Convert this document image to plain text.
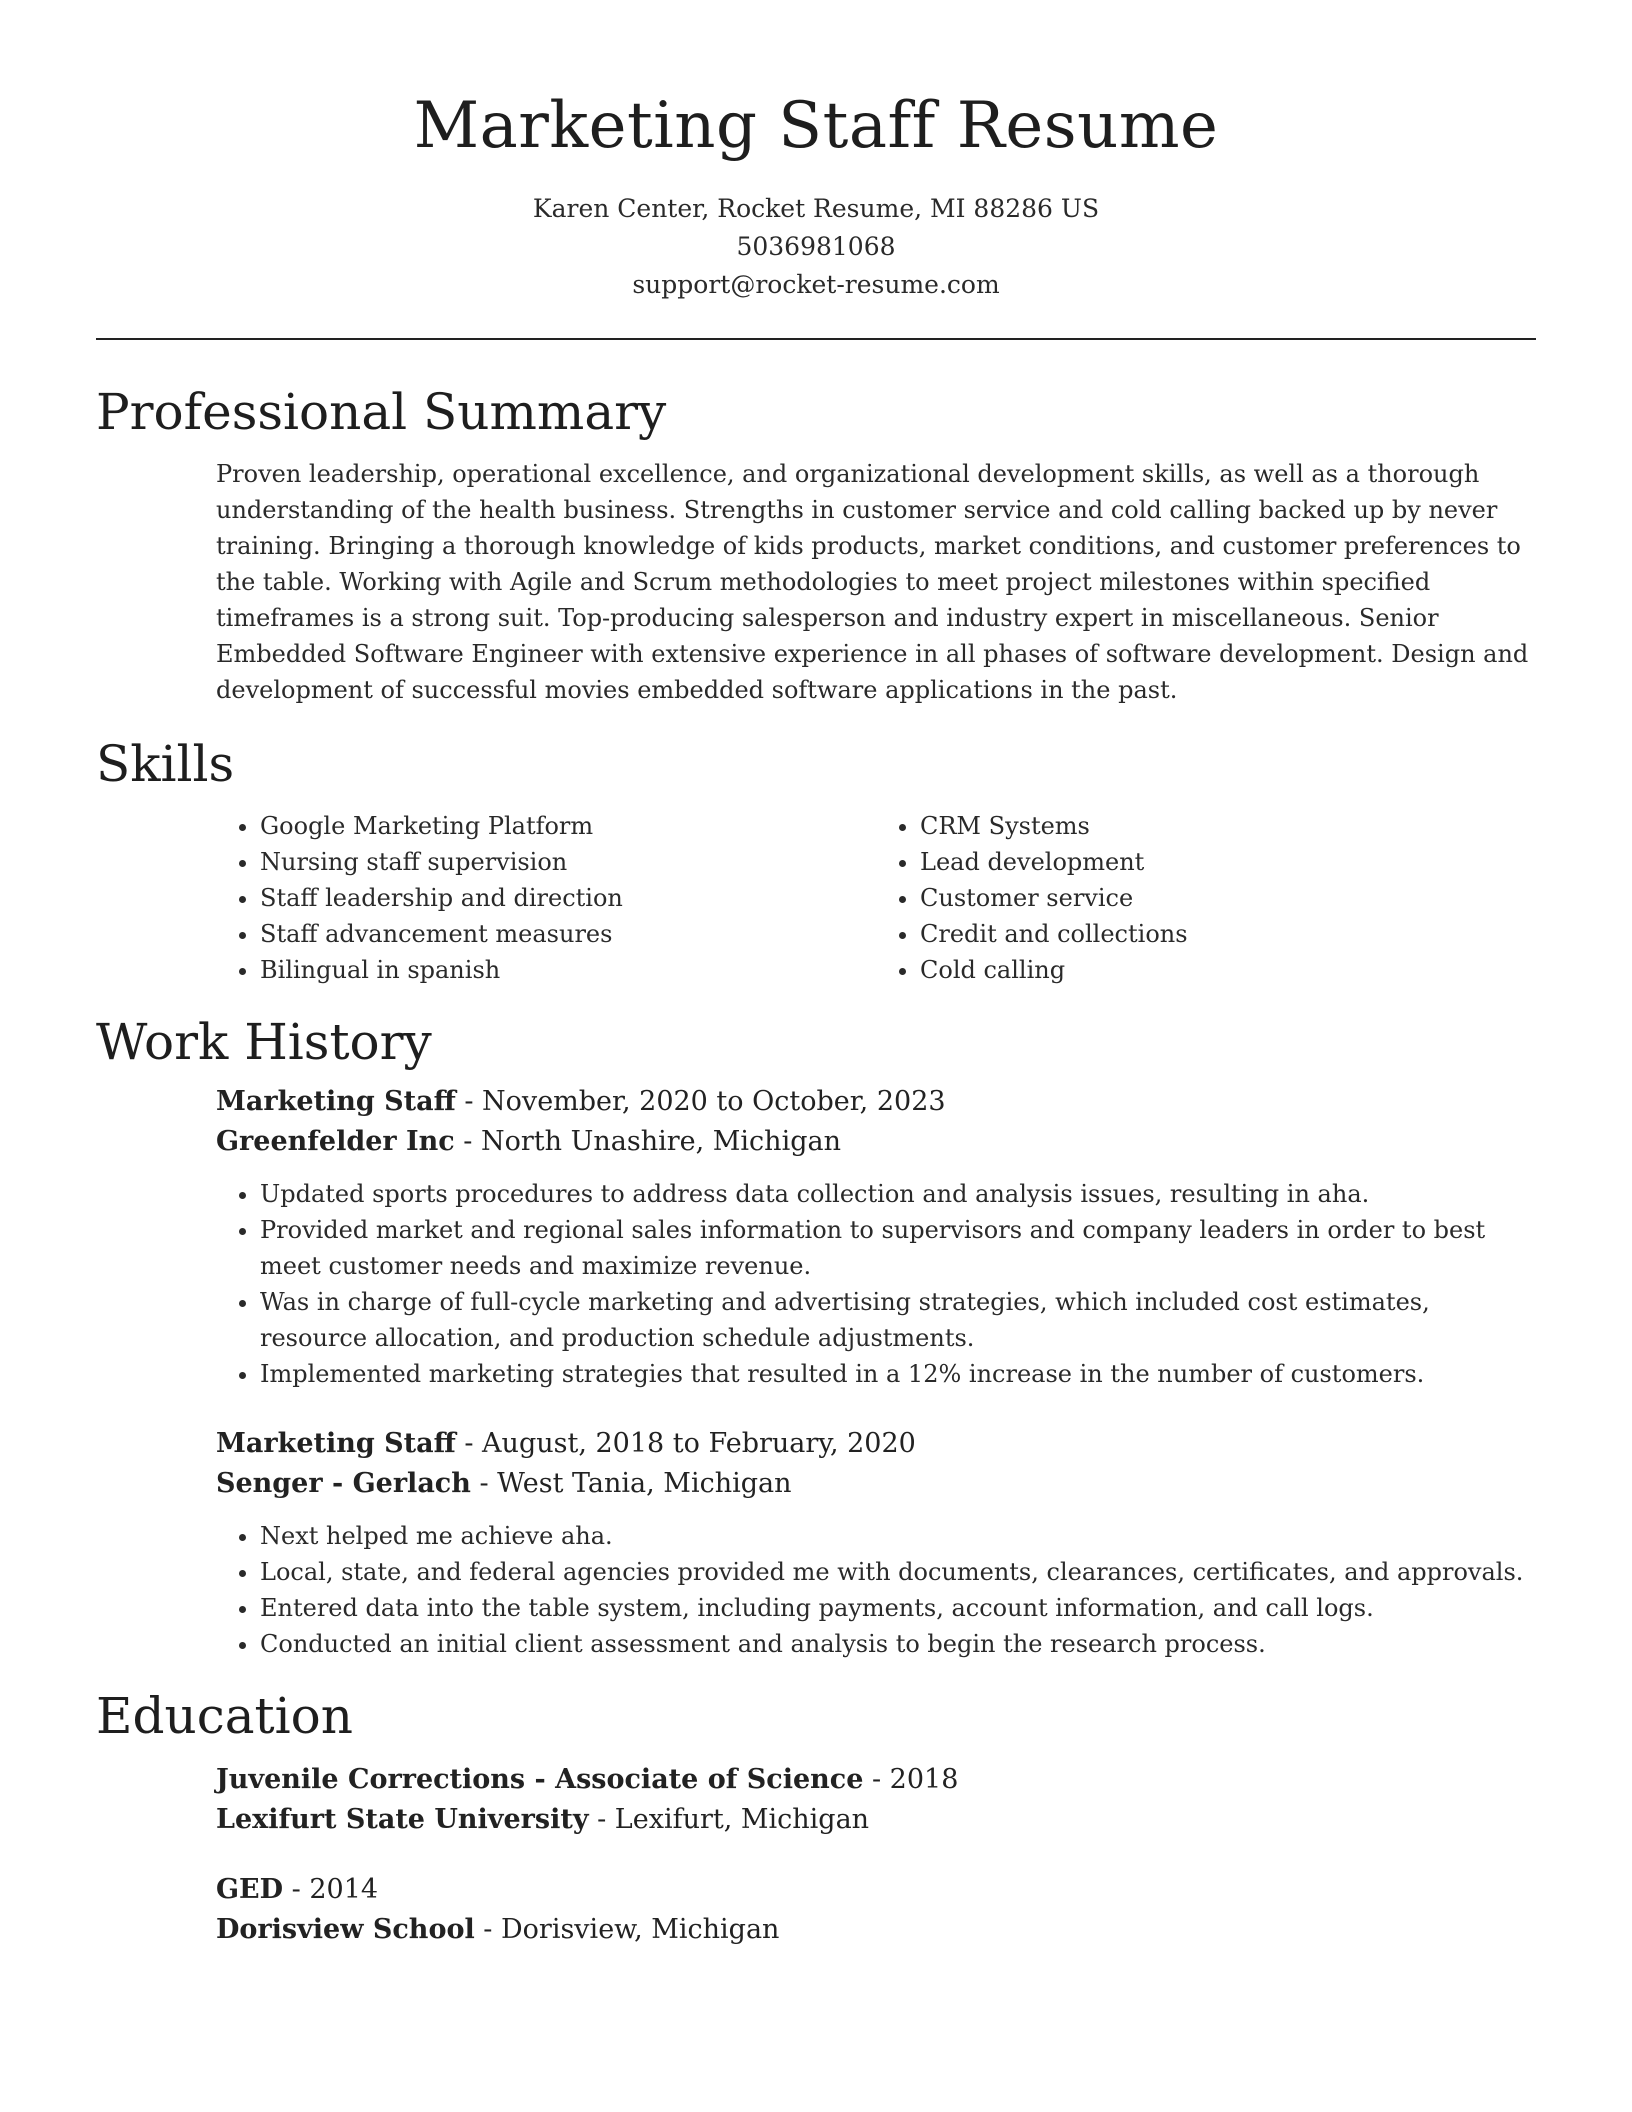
Marketing Staff Resume
Karen Center, Rocket Resume, MI 88286 US
5036981068
support@rocket-resume.com
Professional Summary

Proven leadership, operational excellence, and organizational development skills, as well as a thorough understanding of the health business. Strengths in customer service and cold calling backed up by never training. Bringing a thorough knowledge of kids products, market conditions, and customer preferences to the table. Working with Agile and Scrum methodologies to meet project milestones within specified timeframes is a strong suit. Top-producing salesperson and industry expert in miscellaneous. Senior Embedded Software Engineer with extensive experience in all phases of software development. Design and development of successful movies embedded software applications in the past.

Skills
• Google Marketing Platform
• Nursing staff supervision
• Staff leadership and direction
• Staff advancement measures
• Bilingual in spanish
• CRM Systems
• Lead development
• Customer service
• Credit and collections
• Cold calling
Work History
Marketing Staff - November, 2020 to October, 2023
Greenfelder Inc - North Unashire, Michigan
• Updated sports procedures to address data collection and analysis issues, resulting in aha.
• Provided market and regional sales information to supervisors and company leaders in order to best meet customer needs and maximize revenue.
• Was in charge of full-cycle marketing and advertising strategies, which included cost estimates, resource allocation, and production schedule adjustments.
• Implemented marketing strategies that resulted in a 12% increase in the number of customers.
Marketing Staff - August, 2018 to February, 2020
Senger - Gerlach - West Tania, Michigan
• Next helped me achieve aha.
• Local, state, and federal agencies provided me with documents, clearances, certificates, and approvals.
• Entered data into the table system, including payments, account information, and call logs.
• Conducted an initial client assessment and analysis to begin the research process.
Education
Juvenile Corrections - Associate of Science - 2018
Lexifurt State University - Lexifurt, Michigan
GED - 2014
Dorisview School - Dorisview, Michigan
